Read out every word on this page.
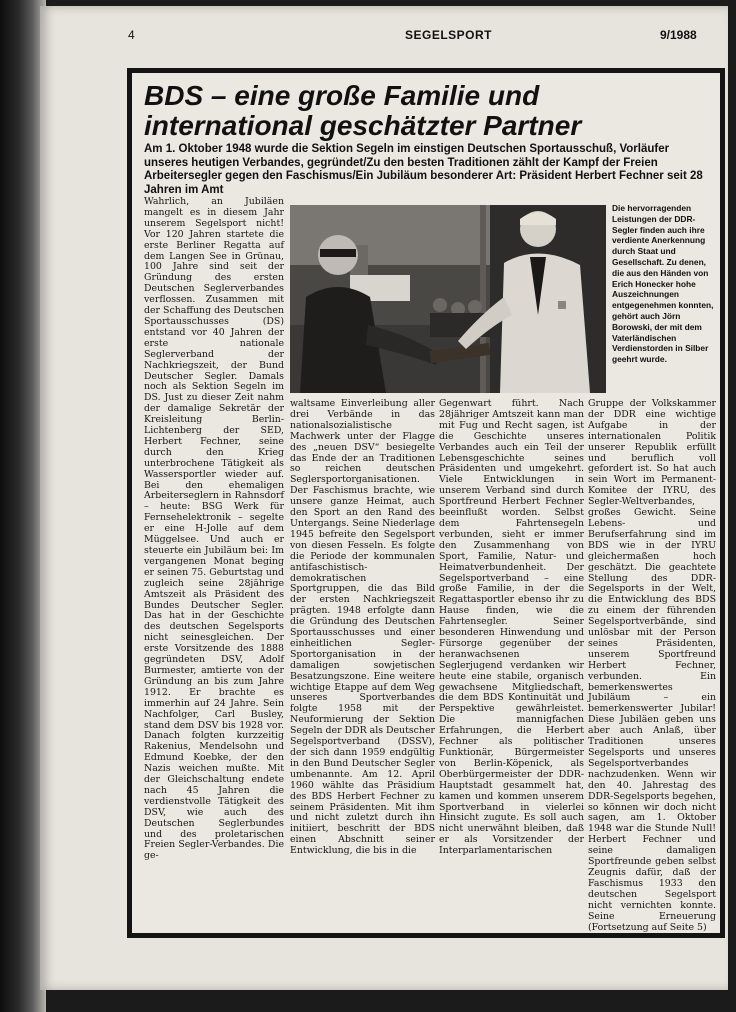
4	SEGELSPORT	9/1988
BDS – eine große Familie und international geschätzter Partner

Am 1. Oktober 1948 wurde die Sektion Segeln im einstigen Deutschen Sportausschuß, Vorläufer unseres heutigen Verbandes, gegründet/Zu den besten Traditionen zählt der Kampf der Freien Arbeitersegler gegen den Faschismus/Ein Jubiläum besonderer Art: Präsident Herbert Fechner seit 28 Jahren im Amt

Die hervorragenden Leistungen der DDR-Segler finden auch ihre verdiente Anerkennung durch Staat und Gesellschaft. Zu denen, die aus den Händen von Erich Honecker hohe Auszeichnungen entgegenehmen konnten, gehört auch Jörn Borowski, der mit dem Vaterländischen Verdienstorden in Silber geehrt wurde.

Wahrlich, an Jubiläen mangelt es in diesem Jahr unserem Segelsport nicht! Vor 120 Jahren startete die erste Berliner Regatta auf dem Langen See in Grünau, 100 Jahre sind seit der Gründung des ersten Deutschen Seglerverbandes verflossen. Zusammen mit der Schaffung des Deutschen Sportausschusses (DS) entstand vor 40 Jahren der erste nationale Seglerverband der Nachkriegszeit, der Bund Deutscher Segler. Damals noch als Sektion Segeln im DS. Just zu dieser Zeit nahm der damalige Sekretär der Kreisleitung Berlin-Lichtenberg der SED, Herbert Fechner, seine durch den Krieg unterbrochene Tätigkeit als Wassersportler wieder auf. Bei den ehemaligen Arbeiterseglern in Rahnsdorf – heute: BSG Werk für Fernsehelektronik – segelte er eine H-Jolle auf dem Müggelsee. Und auch er steuerte ein Jubiläum bei: Im vergangenen Monat beging er seinen 75. Geburtstag und zugleich seine 28jährige Amtszeit als Präsident des Bundes Deutscher Segler. Das hat in der Geschichte des deutschen Segelsports nicht seinesgleichen. Der erste Vorsitzende des 1888 gegründeten DSV, Adolf Burmester, amtierte von der Gründung an bis zum Jahre 1912. Er brachte es immerhin auf 24 Jahre. Sein Nachfolger, Carl Busley, stand dem DSV bis 1928 vor. Danach folgten kurzzeitig Rakenius, Mendelsohn und Edmund Koebke, der den Nazis weichen mußte. Mit der Gleichschaltung endete nach 45 Jahren die verdienstvolle Tätigkeit des DSV, wie auch des Deutschen Seglerbundes und des proletarischen Freien Segler-Verbandes. Die ge-

waltsame Einverleibung aller drei Verbände in das nationalsozialistische Machwerk unter der Flagge des „neuen DSV“ besiegelte das Ende der an Traditionen so reichen deutschen Seglersportorganisationen. Der Faschismus brachte, wie unsere ganze Heimat, auch den Sport an den Rand des Untergangs. Seine Niederlage 1945 befreite den Segelsport von diesen Fesseln. Es folgte die Periode der kommunalen antifaschistisch-demokratischen Sportgruppen, die das Bild der ersten Nachkriegszeit prägten. 1948 erfolgte dann die Gründung des Deutschen Sportausschusses und einer einheitlichen Segler-Sportorganisation in der damaligen sowjetischen Besatzungszone. Eine weitere wichtige Etappe auf dem Weg unseres Sportverbandes folgte 1958 mit der Neuformierung der Sektion Segeln der DDR als Deutscher Segelsportverband (DSSV), der sich dann 1959 endgültig in den Bund Deutscher Segler umbenannte. Am 12. April 1960 wählte das Präsidium des BDS Herbert Fechner zu seinem Präsidenten. Mit ihm und nicht zuletzt durch ihn initiiert, beschritt der BDS einen Abschnitt seiner Entwicklung, die bis in die

Gegenwart führt. Nach 28jähriger Amtszeit kann man mit Fug und Recht sagen, ist die Geschichte unseres Verbandes auch ein Teil der Lebensgeschichte seines Präsidenten und umgekehrt. Viele Entwicklungen in unserem Verband sind durch Sportfreund Herbert Fechner beeinflußt worden. Selbst dem Fahrtensegeln verbunden, sieht er immer den Zusammenhang von Sport, Familie, Natur- und Heimatverbundenheit. Der Segelsportverband – eine große Familie, in der die Regattasportler ebenso ihr zu Hause finden, wie die Fahrtensegler. Seiner besonderen Hinwendung und Fürsorge gegenüber der heranwachsenen Seglerjugend verdanken wir heute eine stabile, organisch gewachsene Mitgliedschaft, die dem BDS Kontinuität und Perspektive gewährleistet. Die mannigfachen Erfahrungen, die Herbert Fechner als politischer Funktionär, Bürgermeister von Berlin-Köpenick, als Oberbürgermeister der DDR-Hauptstadt gesammelt hat, kamen und kommen unserem Sportverband in vielerlei Hinsicht zugute. Es soll auch nicht unerwähnt bleiben, daß er als Vorsitzender der Interparlamentarischen

Gruppe der Volkskammer der DDR eine wichtige Aufgabe in der internationalen Politik unserer Republik erfüllt und beruflich voll gefordert ist. So hat auch sein Wort im Permanent-Komitee der IYRU, des Segler-Weltverbandes, großes Gewicht. Seine Lebens- und Berufserfahrung sind im BDS wie in der IYRU gleichermaßen hoch geschätzt. Die geachtete Stellung des DDR-Segelsports in der Welt, die Entwicklung des BDS zu einem der führenden Segelsportverbände, sind unlösbar mit der Person seines Präsidenten, unserem Sportfreund Herbert Fechner, verbunden. Ein bemerkenswertes Jubiläum – ein bemerkenswerter Jubilar! Diese Jubiläen geben uns aber auch Anlaß, über Traditionen unseres Segelsports und unseres Segelsportverbandes nachzudenken. Wenn wir den 40. Jahrestag des DDR-Segelsports begehen, so können wir doch nicht sagen, am 1. Oktober 1948 war die Stunde Null! Herbert Fechner und seine damaligen Sportfreunde geben selbst Zeugnis dafür, daß der Faschismus 1933 den deutschen Segelsport nicht vernichten konnte. Seine Erneuerung (Fortsetzung auf Seite 5)
